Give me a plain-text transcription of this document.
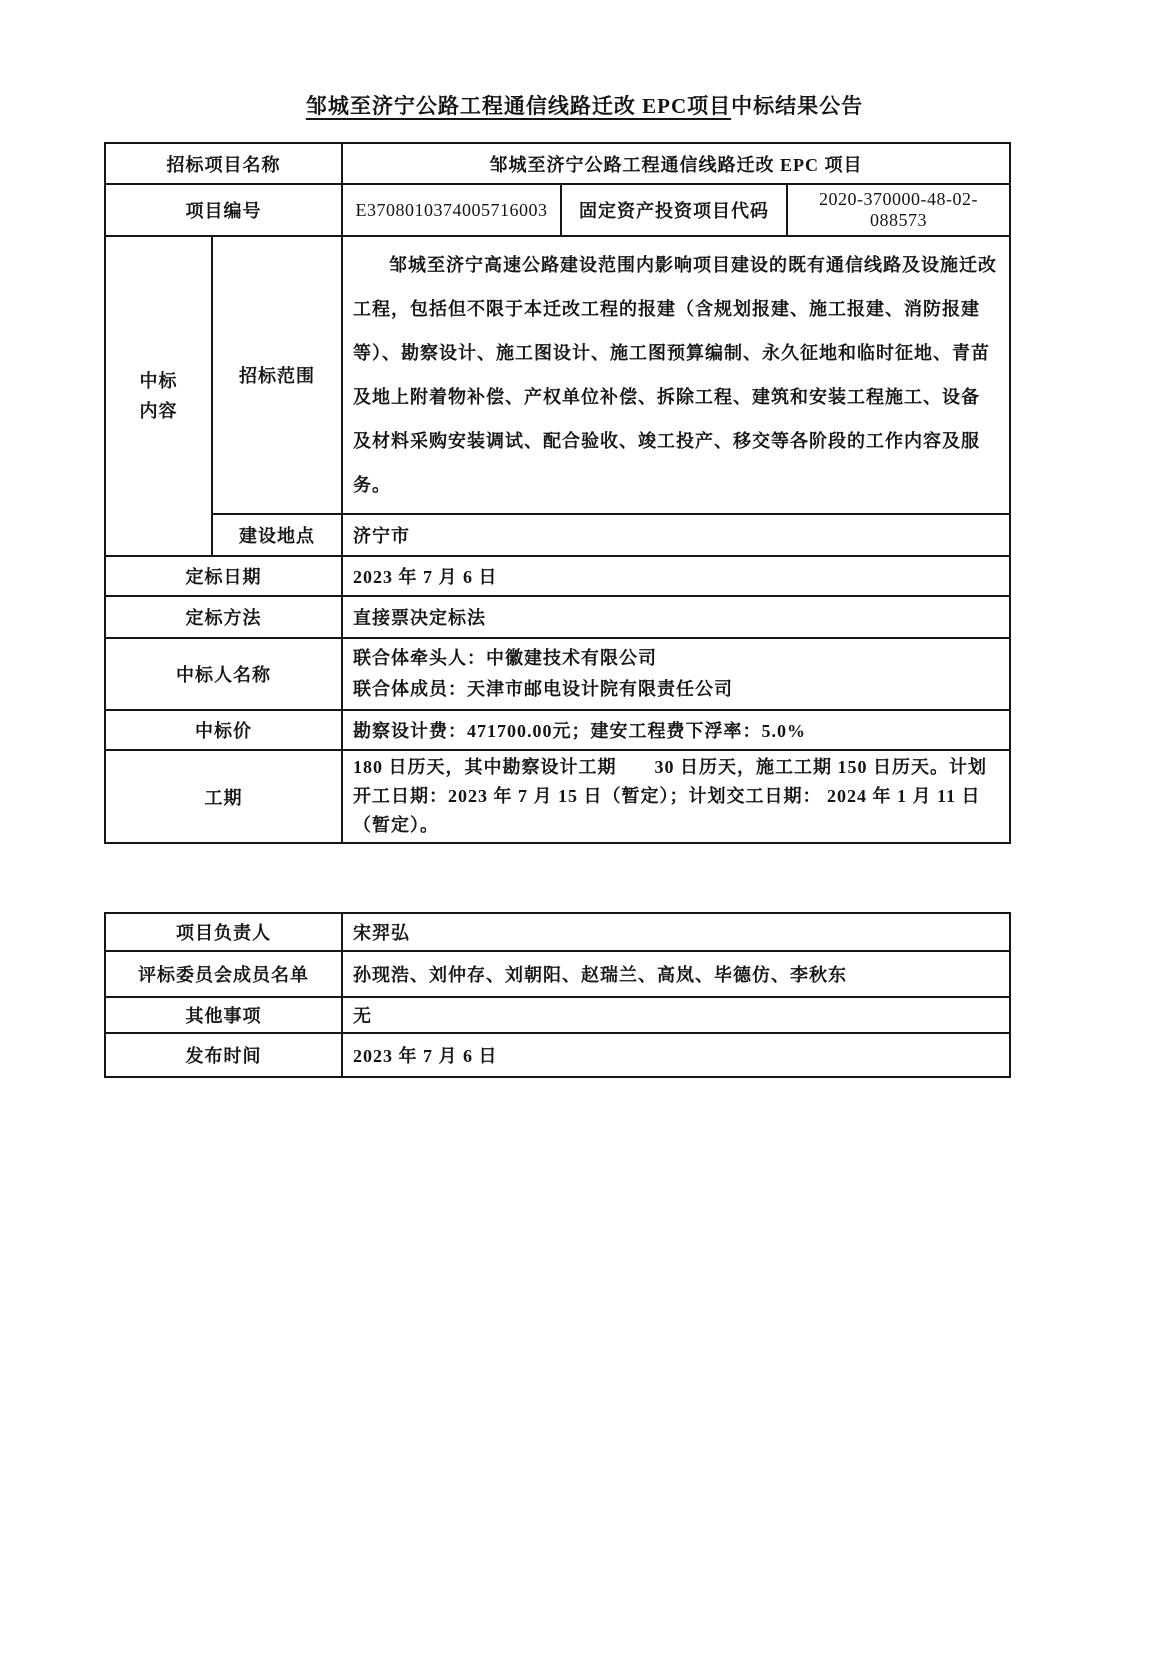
邹城至济宁公路工程通信线路迁改 EPC项目中标结果公告
招标项目名称		邹城至济宁公路工程通信线路迁改 EPC 项目		
项目编号		E3708010374005716003	固定资产投资项目代码	2020-370000-48-02-088573
中标内容	招标范围	邹城至济宁高速公路建设范围内影响项目建设的既有通信线路及设施迁改工程，包括但不限于本迁改工程的报建（含规划报建、施工报建、消防报建等）、勘察设计、施工图设计、施工图预算编制、永久征地和临时征地、青苗及地上附着物补偿、产权单位补偿、拆除工程、建筑和安装工程施工、设备及材料采购安装调试、配合验收、竣工投产、移交等各阶段的工作内容及服务。		
	建设地点	济宁市		
定标日期		2023 年 7 月 6 日		
定标方法		直接票决定标法		
中标人名称		联合体牵头人：中徽建技术有限公司
联合体成员：天津市邮电设计院有限责任公司		

中标价		勘察设计费：471700.00元；建安工程费下浮率：5.0%		
工期		180 日历天，其中勘察设计工期　　30 日历天，施工工期 150 日历天。计划开工日期：2023 年 7 月 15 日（暂定）；计划交工日期： 2024 年 1 月 11 日（暂定）。		
项目负责人	宋羿弘
评标委员会成员名单	孙现浩、刘仲存、刘朝阳、赵瑞兰、高岚、毕德仿、李秋东
其他事项	无
发布时间	2023 年 7 月 6 日
